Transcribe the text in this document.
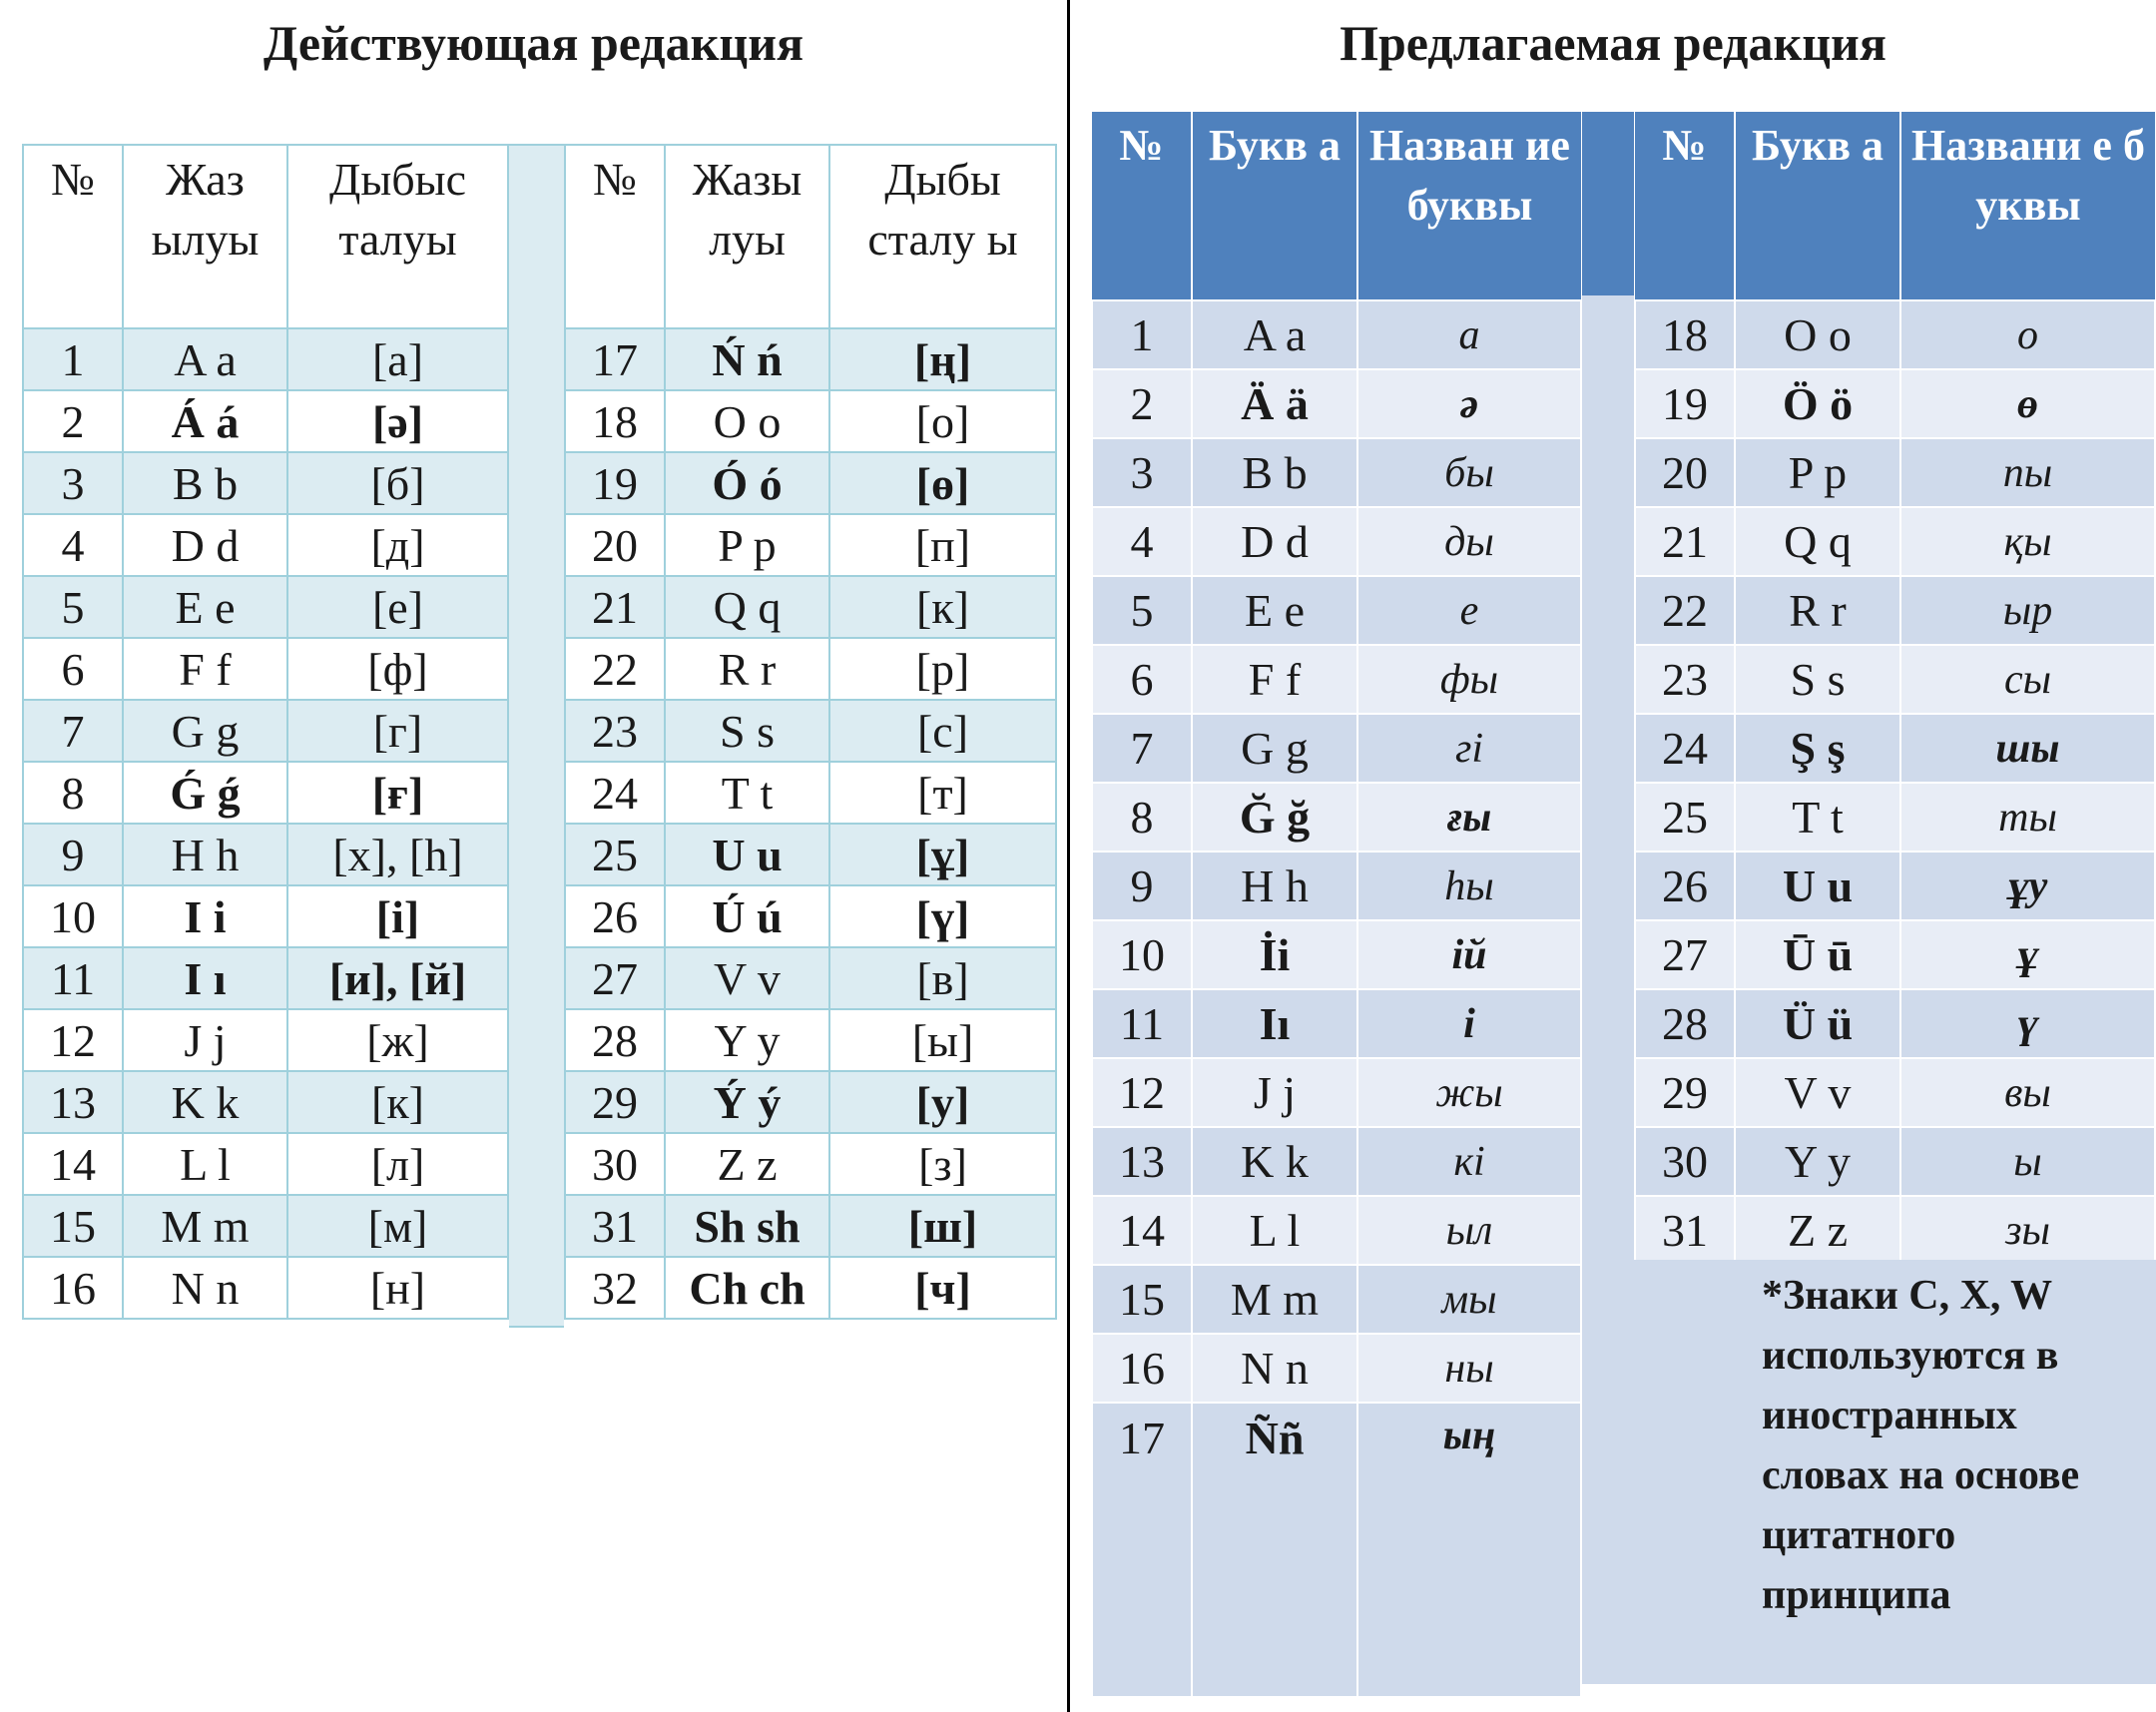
Действующая редакция	Предлагаемая редакция
№	Жаз ылуы	Дыбыс талуы
1	A a	[a]
2	Á á	[ә]
3	B b	[б]
4	D d	[д]
5	E e	[e]
6	F f	[ф]
7	G g	[г]
8	Ǵ ǵ	[ғ]
9	H h	[x], [h]
10	I i	[і]
11	I ı	[и], [й]
12	J j	[ж]
13	K k	[к]
14	L l	[л]
15	M m	[м]
16	N n	[н]
№	Жазы луы	Дыбы сталу ы
17	Ń ń	[ң]
18	O o	[o]
19	Ó ó	[ө]
20	P p	[п]
21	Q q	[к]
22	R r	[р]
23	S s	[c]
24	T t	[т]
25	U u	[ұ]
26	Ú ú	[ү]
27	V v	[в]
28	Y y	[ы]
29	Ý ý	[у]
30	Z z	[з]
31	Sh sh	[ш]
32	Ch ch	[ч]
№	Букв а	Назван ие буквы
1	A a	а
2	Ä ä	ә
3	B b	бы
4	D d	ды
5	E e	е
6	F f	фы
7	G g	гі
8	Ğ ğ	ғы
9	H h	hы
10	İi	ій
11	Iı	і
12	J j	жы
13	K k	кі
14	L l	ыл
15	M m	мы
16	N n	ны
17	Ññ	ың
№	Букв а	Названи е буквы
18	O o	о
19	Ö ö	ө
20	P p	пы
21	Q q	қы
22	R r	ыр
23	S s	сы
24	Ş ş	шы
25	T t	ты
26	U u	ұу
27	Ū ū	ұ
28	Ü ü	ү
29	V v	вы
30	Y y	ы
31	Z z	зы

*Знаки C, X, W используются в иностранных словах на основе цитатного принципа
